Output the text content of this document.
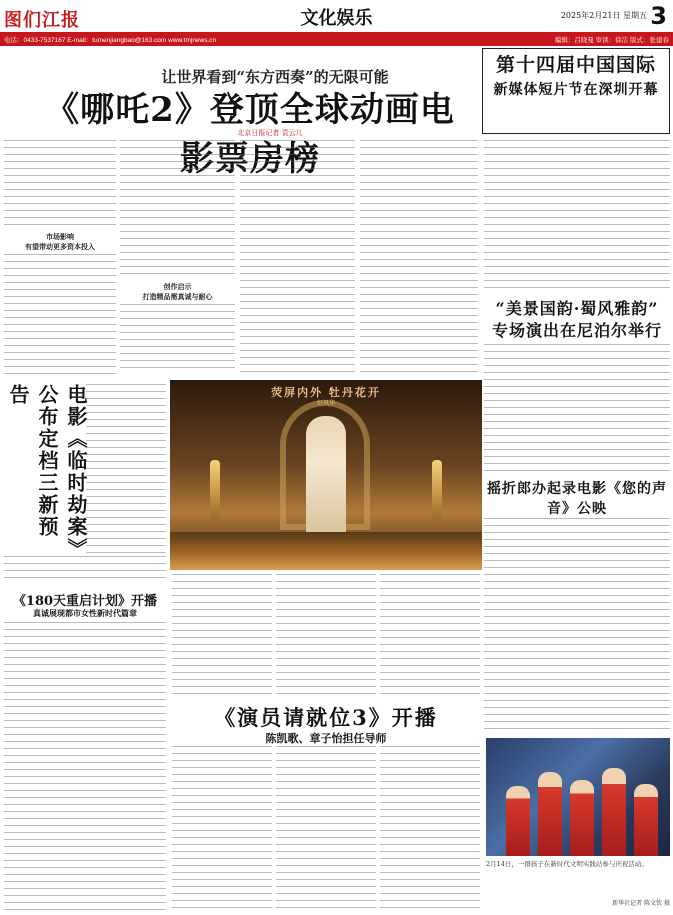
图们江报	文化娱乐	2025年2月21日 星期五 3
电话：0433-7537167 E-mail：tumenjiangbao@163.com www.tmjnews.cn	编辑：吕晓曼 审读：徐洁 版式：张建春
让世界看到“东方西奏”的无限可能
《哪吒2》登顶全球动画电影票房榜
北京日报记者 袁云儿
市场影响
有望带动更多资本投入
创作启示
打造精品需真诚与耐心
电影《临时劫案》公布定档三新预告
《180天重启计划》开播
真诚展现都市女性新时代篇章
荧屏内外 牡丹花开
好风华
《演员请就位3》开播
陈凯歌、章子怡担任导师
第十四届中国国际
新媒体短片节在深圳开幕
“美景国韵·蜀风雅韵”
专场演出在尼泊尔举行
摇折郎办起录电影《您的声音》公映
2月14日，一群孩子在新时代文明实践站参与庆祝活动。
新华社记者 陈文钦 摄
